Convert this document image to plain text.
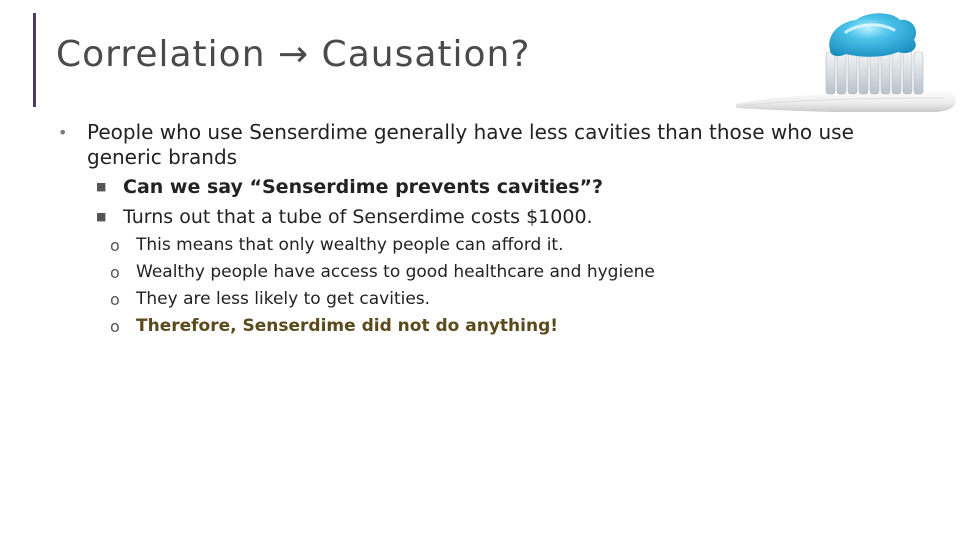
Correlation → Causation?
• People who use Senserdime generally have less cavities than those who use generic brands
■ Can we say “Senserdime prevents cavities”?
■ Turns out that a tube of Senserdime costs $1000.
o This means that only wealthy people can afford it.
o Wealthy people have access to good healthcare and hygiene
o They are less likely to get cavities.
o Therefore, Senserdime did not do anything!
